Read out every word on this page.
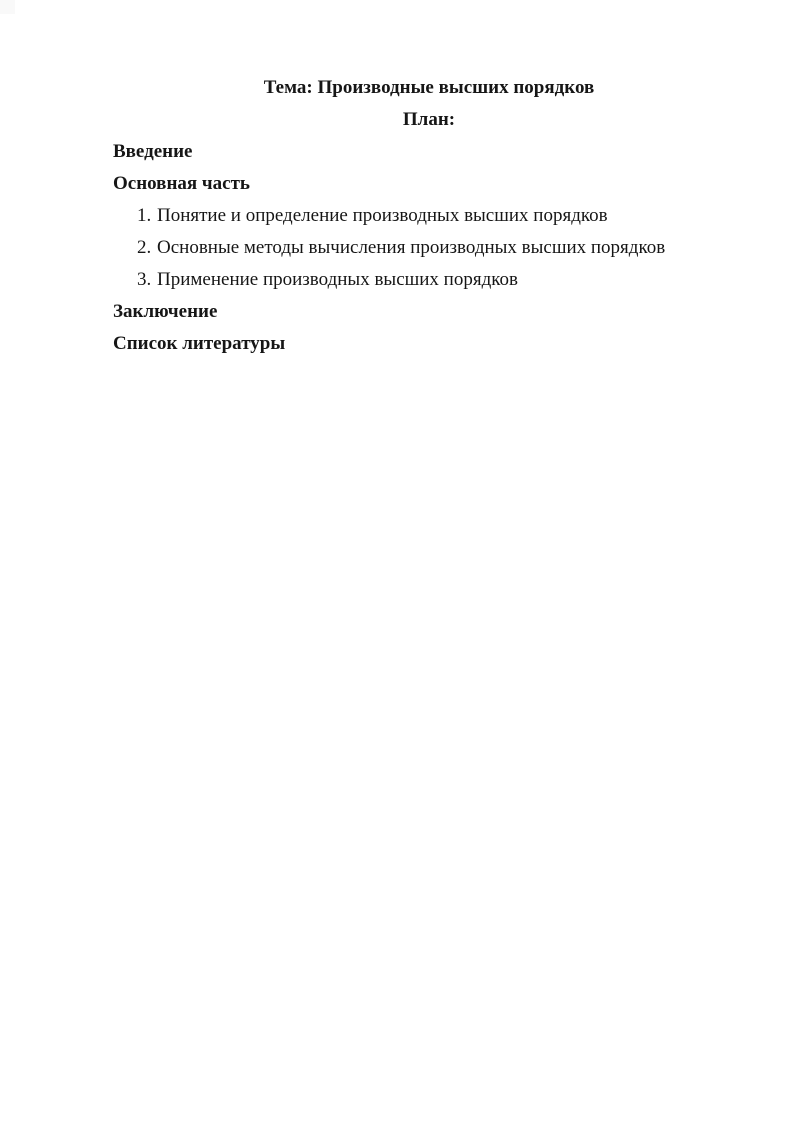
Тема: Производные высших порядков

План:

Введение

Основная часть

1. Понятие и определение производных высших порядков
2. Основные методы вычисления производных высших порядков
3. Применение производных высших порядков

Заключение

Список литературы
